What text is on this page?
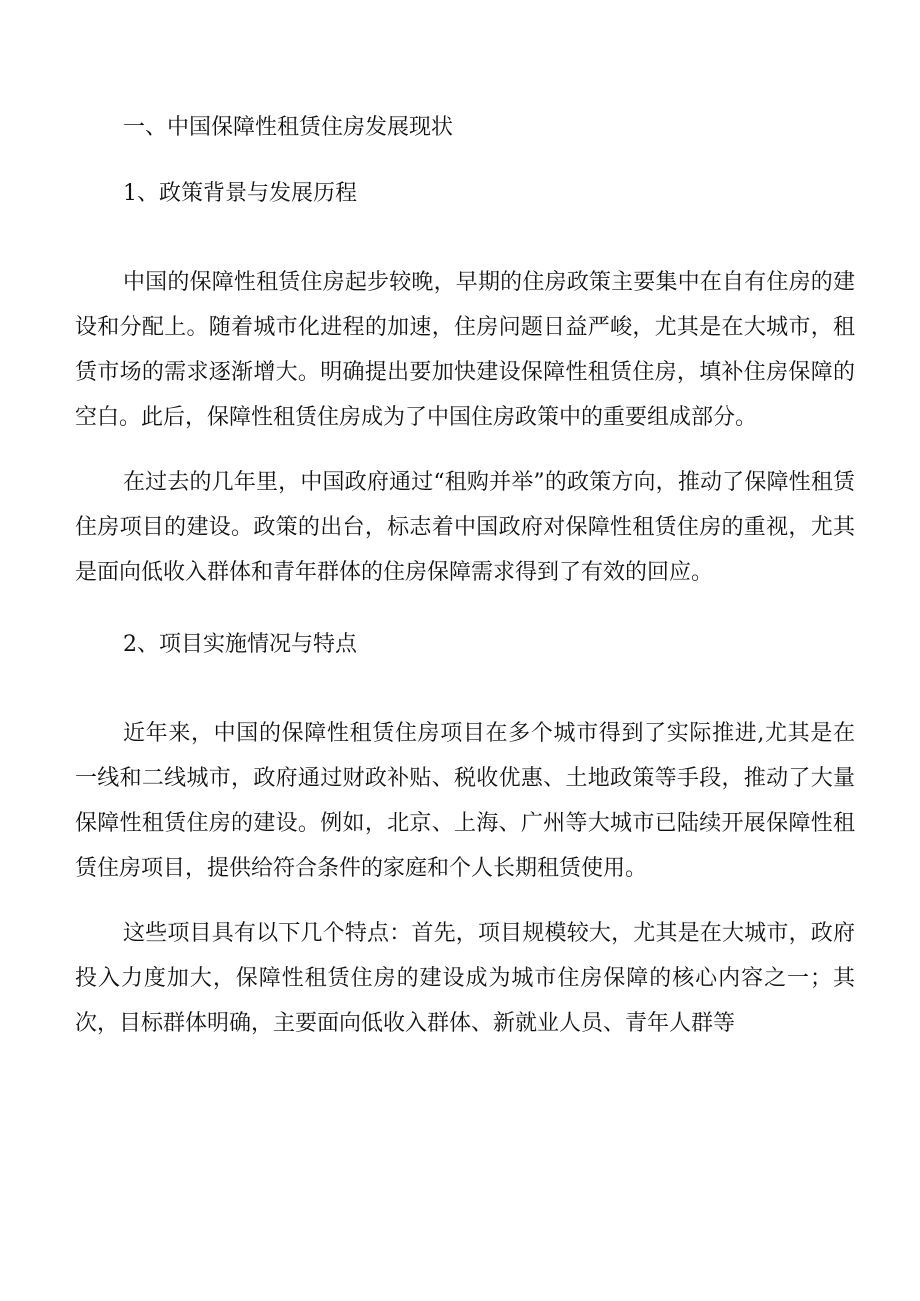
一、中国保障性租赁住房发展现状

1、政策背景与发展历程

中国的保障性租赁住房起步较晚，早期的住房政策主要集中在自有住房的建设和分配上。随着城市化进程的加速，住房问题日益严峻，尤其是在大城市，租赁市场的需求逐渐增大。明确提出要加快建设保障性租赁住房，填补住房保障的空白。此后，保障性租赁住房成为了中国住房政策中的重要组成部分。

在过去的几年里，中国政府通过“租购并举”的政策方向，推动了保障性租赁住房项目的建设。政策的出台，标志着中国政府对保障性租赁住房的重视，尤其是面向低收入群体和青年群体的住房保障需求得到了有效的回应。

2、项目实施情况与特点

近年来，中国的保障性租赁住房项目在多个城市得到了实际推进,尤其是在一线和二线城市，政府通过财政补贴、税收优惠、土地政策等手段，推动了大量保障性租赁住房的建设。例如，北京、上海、广州等大城市已陆续开展保障性租赁住房项目，提供给符合条件的家庭和个人长期租赁使用。

这些项目具有以下几个特点：首先，项目规模较大，尤其是在大城市，政府投入力度加大，保障性租赁住房的建设成为城市住房保障的核心内容之一；其次，目标群体明确，主要面向低收入群体、新就业人员、青年人群等
